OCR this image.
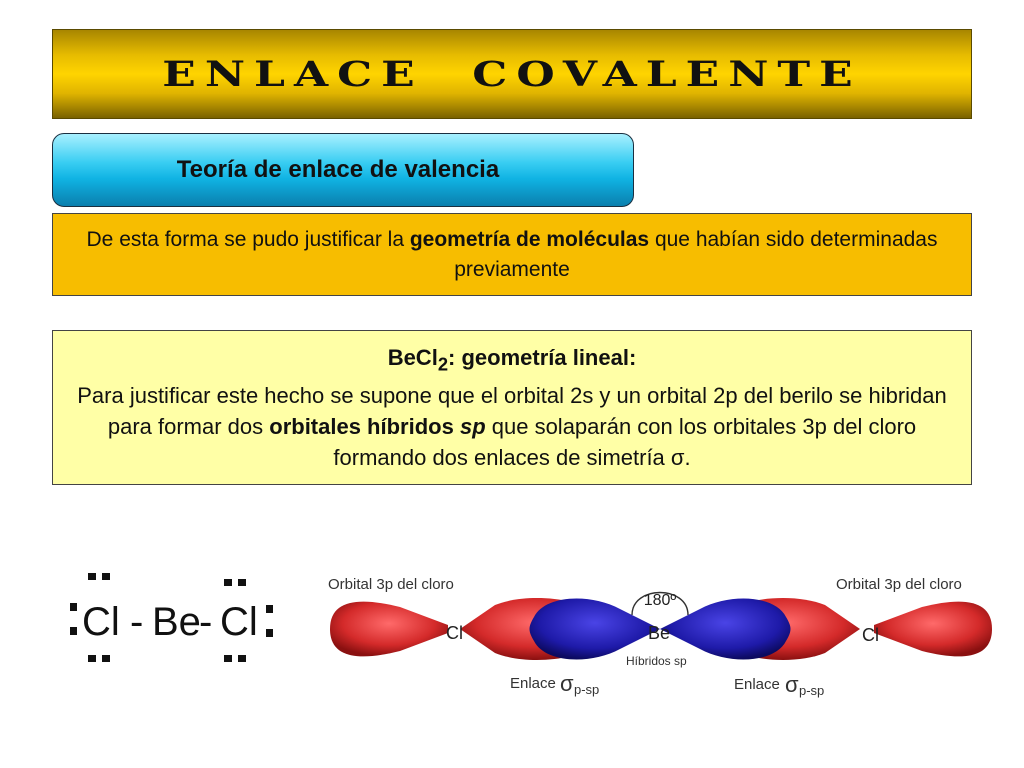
ENLACE  COVALENTE
Teoría de enlace de valencia
De esta forma se pudo justificar la geometría de moléculas que habían sido determinadas previamente
BeCl$_2$: geometría lineal:
Para justificar este hecho se supone que el orbital 2s y un orbital 2p del berilo se hibridan para formar dos orbitales híbridos sp que solaparán con los orbitales 3p del cloro formando dos enlaces de simetría σ.
Cl - Be
- Cl	180º
Orbital 3p del cloro	Orbital 3p del cloro
Cl	Be	Cl
Híbridos sp
Enlace σ p-sp	Enlace σ p-sp
